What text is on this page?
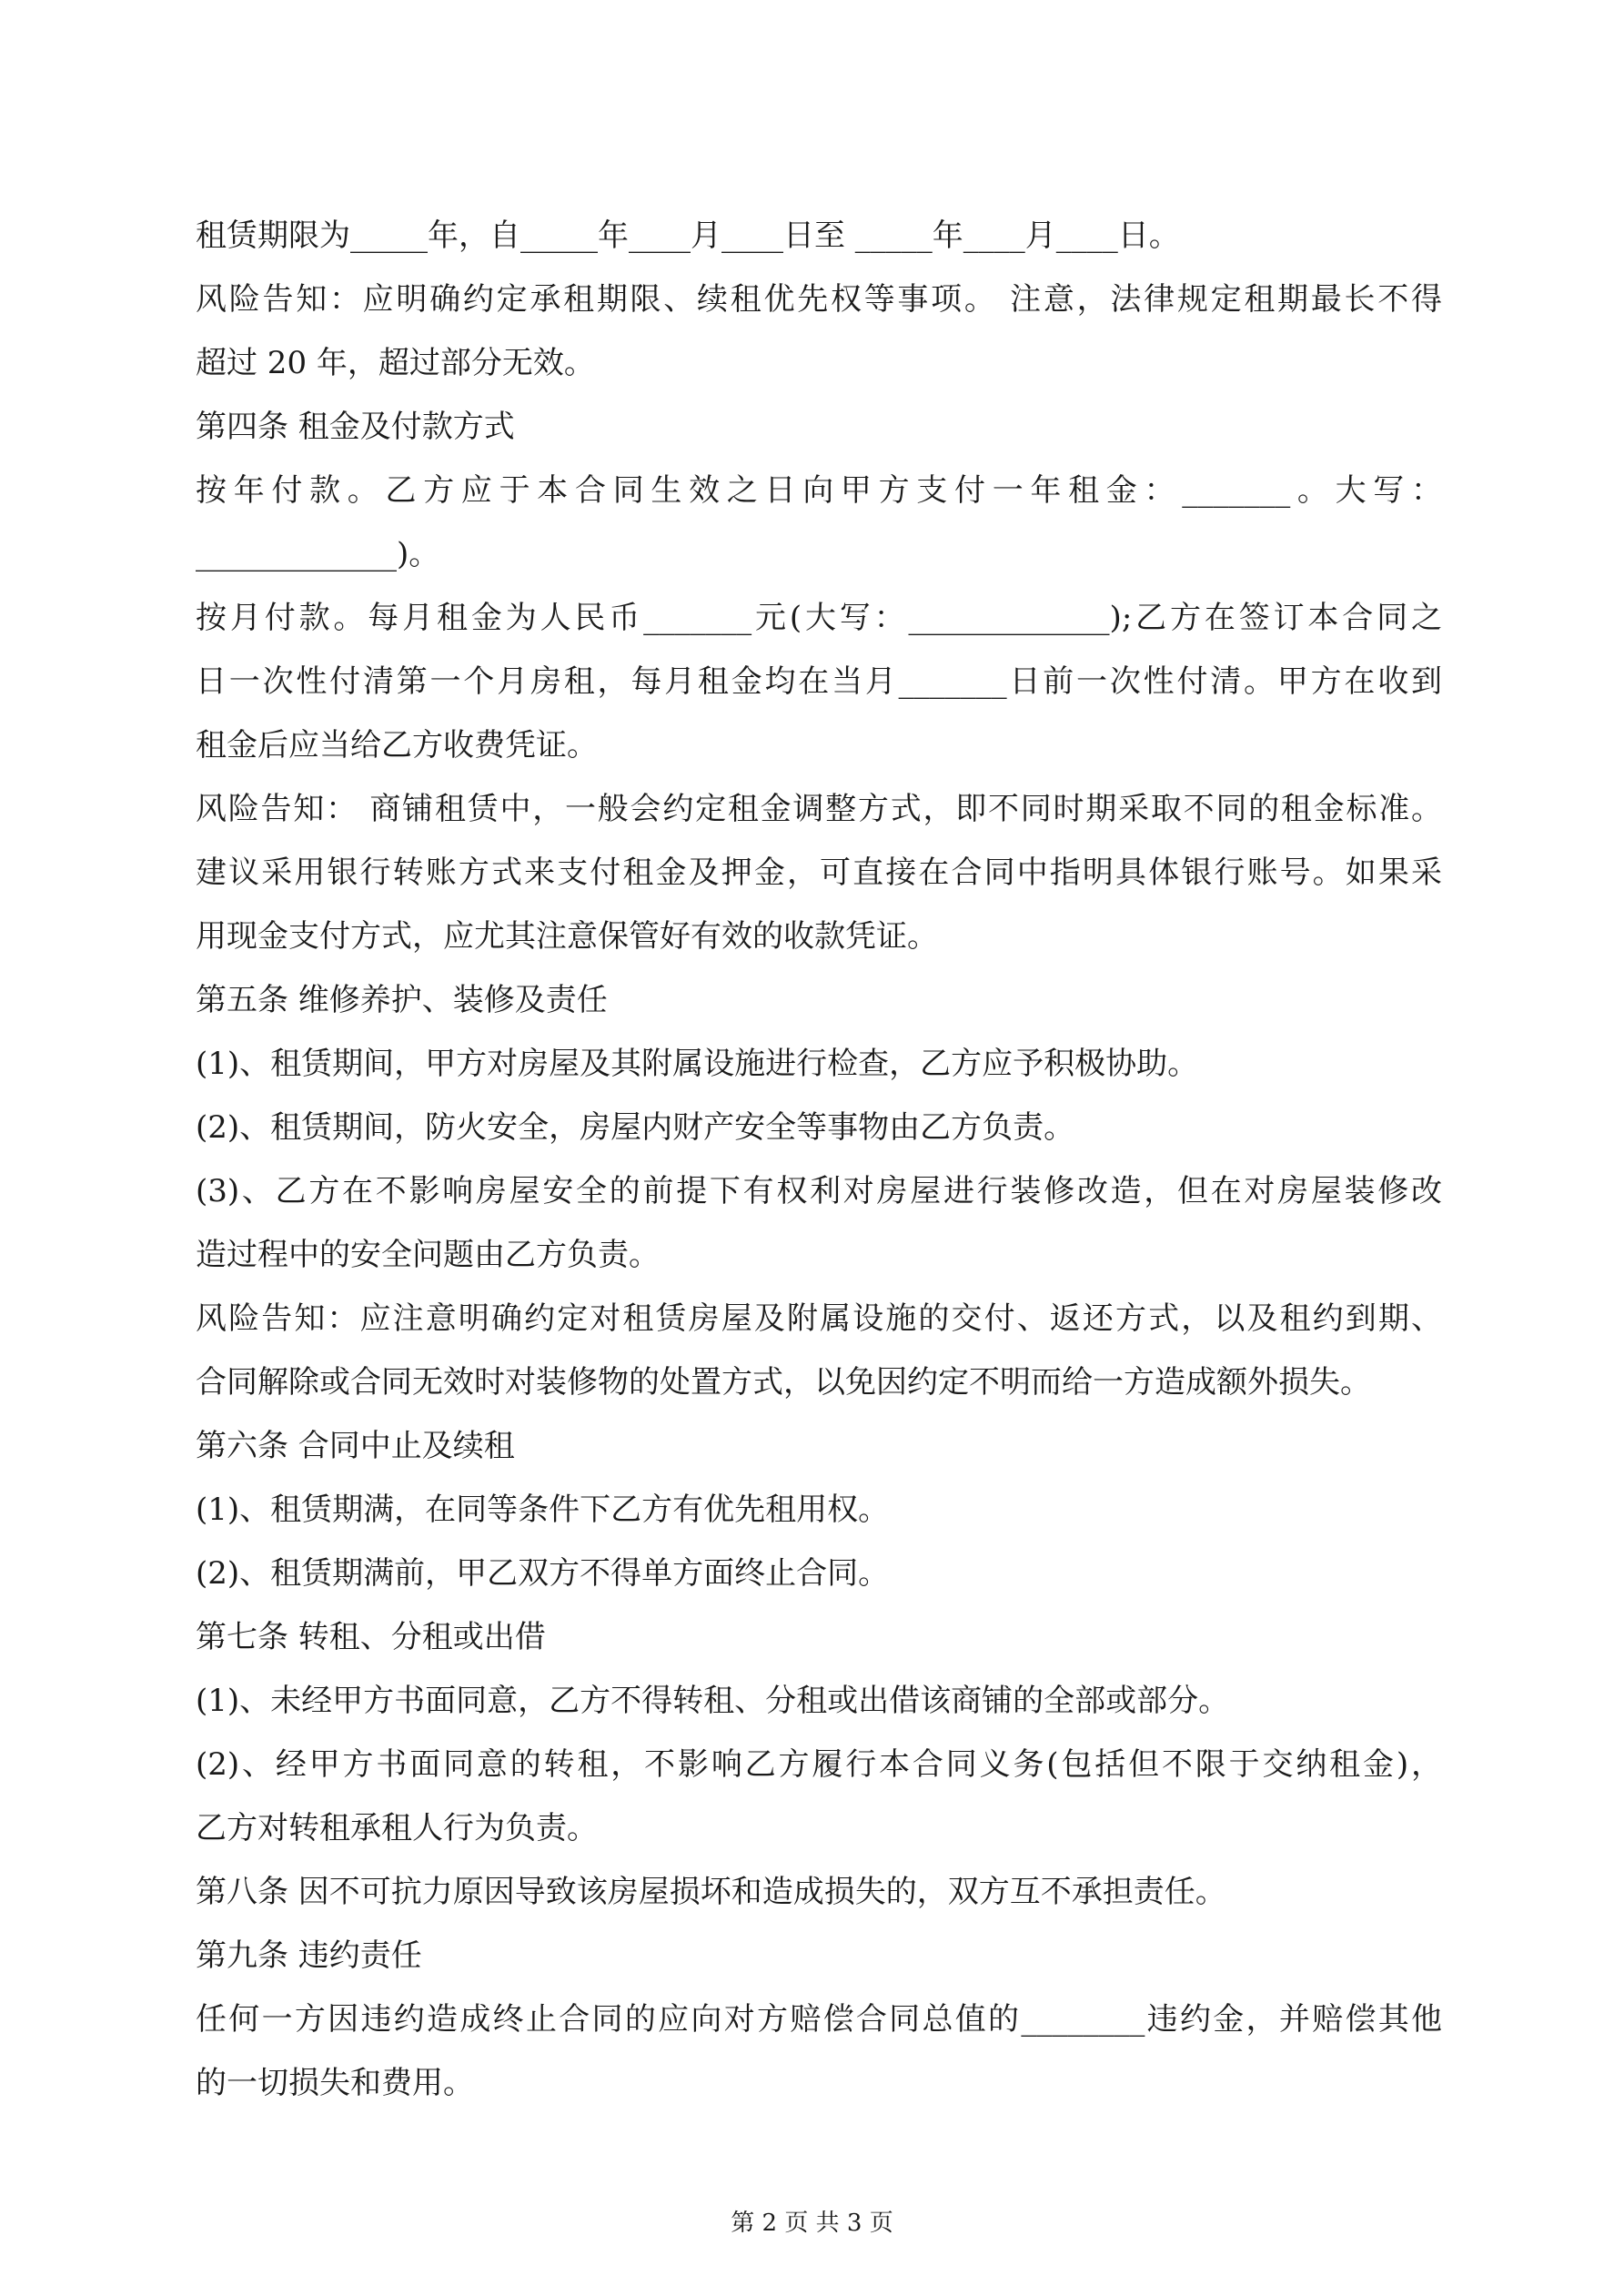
租赁期限为_____年，自_____年____月____日至 _____年____月____日。
风险告知：应明确约定承租期限、续租优先权等事项。 注意，法律规定租期最长不得
超过 20 年，超过部分无效。
第四条 租金及付款方式
按年付款。乙方应于本合同生效之日向甲方支付一年租金：_______。大写：
_____________)。
按月付款。每月租金为人民币_______元(大写：_____________);乙方在签订本合同之
日一次性付清第一个月房租，每月租金均在当月_______日前一次性付清。甲方在收到
租金后应当给乙方收费凭证。
风险告知： 商铺租赁中，一般会约定租金调整方式，即不同时期采取不同的租金标准。
建议采用银行转账方式来支付租金及押金，可直接在合同中指明具体银行账号。如果采
用现金支付方式，应尤其注意保管好有效的收款凭证。
第五条 维修养护、装修及责任
(1)、租赁期间，甲方对房屋及其附属设施进行检查，乙方应予积极协助。
(2)、租赁期间，防火安全，房屋内财产安全等事物由乙方负责。
(3)、乙方在不影响房屋安全的前提下有权利对房屋进行装修改造，但在对房屋装修改
造过程中的安全问题由乙方负责。
风险告知：应注意明确约定对租赁房屋及附属设施的交付、返还方式，以及租约到期、
合同解除或合同无效时对装修物的处置方式，以免因约定不明而给一方造成额外损失。
第六条 合同中止及续租
(1)、租赁期满，在同等条件下乙方有优先租用权。
(2)、租赁期满前，甲乙双方不得单方面终止合同。
第七条 转租、分租或出借
(1)、未经甲方书面同意，乙方不得转租、分租或出借该商铺的全部或部分。
(2)、经甲方书面同意的转租，不影响乙方履行本合同义务(包括但不限于交纳租金)，
乙方对转租承租人行为负责。
第八条 因不可抗力原因导致该房屋损坏和造成损失的，双方互不承担责任。
第九条 违约责任
任何一方因违约造成终止合同的应向对方赔偿合同总值的________违约金，并赔偿其他
的一切损失和费用。
第 2 页 共 3 页
